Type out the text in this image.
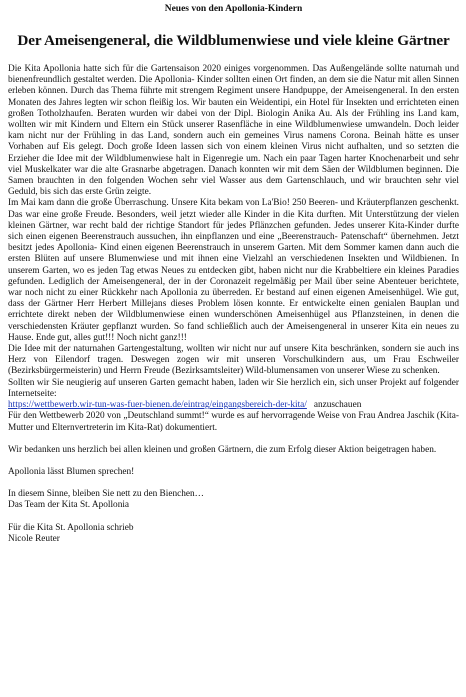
Neues von den Apollonia-Kindern
Der Ameisengeneral, die Wildblumenwiese und viele kleine Gärtner

Die Kita Apollonia hatte sich für die Gartensaison 2020 einiges vorgenommen. Das Außengelände sollte naturnah und bienenfreundlich gestaltet werden. Die Apollonia- Kinder sollten einen Ort finden, an dem sie die Natur mit allen Sinnen erleben können. Durch das Thema führte mit strengem Regiment unsere Handpuppe, der Ameisengeneral. In den ersten Monaten des Jahres legten wir schon fleißig los. Wir bauten ein Weidentipi, ein Hotel für Insekten und errichteten einen großen Totholzhaufen. Beraten wurden wir dabei von der Dipl. Biologin Anika Au. Als der Frühling ins Land kam, wollten wir mit Kindern und Eltern ein Stück unserer Rasenfläche in eine Wildblumenwiese umwandeln. Doch leider kam nicht nur der Frühling in das Land, sondern auch ein gemeines Virus namens Corona. Beinah hätte es unser Vorhaben auf Eis gelegt. Doch große Ideen lassen sich von einem kleinen Virus nicht aufhalten, und so setzten die Erzieher die Idee mit der Wildblumenwiese halt in Eigenregie um. Nach ein paar Tagen harter Knochenarbeit und sehr viel Muskelkater war die alte Grasnarbe abgetragen. Danach konnten wir mit dem Säen der Wildblumen beginnen. Die Samen brauchten in den folgenden Wochen sehr viel Wasser aus dem Gartenschlauch, und wir brauchten sehr viel Geduld, bis sich das erste Grün zeigte.

Im Mai kam dann die große Überraschung. Unsere Kita bekam von La'Bio! 250 Beeren- und Kräuterpflanzen geschenkt. Das war eine große Freude. Besonders, weil jetzt wieder alle Kinder in die Kita durften. Mit Unterstützung der vielen kleinen Gärtner, war recht bald der richtige Standort für jedes Pflänzchen gefunden. Jedes unserer Kita-Kinder durfte sich einen eigenen Beerenstrauch aussuchen, ihn einpflanzen und eine „Beerenstrauch- Patenschaft“ übernehmen. Jetzt besitzt jedes Apollonia- Kind einen eigenen Beerenstrauch in unserem Garten. Mit dem Sommer kamen dann auch die ersten Blüten auf unsere Blumenwiese und mit ihnen eine Vielzahl an verschiedenen Insekten und Wildbienen. In unserem Garten, wo es jeden Tag etwas Neues zu entdecken gibt, haben nicht nur die Krabbeltiere ein kleines Paradies gefunden. Lediglich der Ameisengeneral, der in der Coronazeit regelmäßig per Mail über seine Abenteuer berichtete, war noch nicht zu einer Rückkehr nach Apollonia zu überreden. Er bestand auf einen eigenen Ameisenhügel. Wie gut, dass der Gärtner Herr Herbert Millejans dieses Problem lösen konnte. Er entwickelte einen genialen Bauplan und errichtete direkt neben der Wildblumenwiese einen wunderschönen Ameisenhügel aus Pflanzsteinen, in denen die verschiedensten Kräuter gepflanzt wurden. So fand schließlich auch der Ameisengeneral in unserer Kita ein neues zu Hause. Ende gut, alles gut!!! Noch nicht ganz!!!

Die Idee mit der naturnahen Gartengestaltung, wollten wir nicht nur auf unsere Kita beschränken, sondern sie auch ins Herz von Eilendorf tragen. Deswegen zogen wir mit unseren Vorschulkindern aus, um Frau Eschweiler (Bezirksbürgermeisterin) und Herrn Freude (Bezirksamtsleiter) Wild-blumensamen von unserer Wiese zu schenken.

Sollten wir Sie neugierig auf unseren Garten gemacht haben, laden wir Sie herzlich ein, sich unser Projekt auf folgender Internetseite:

https://wettbewerb.wir-tun-was-fuer-bienen.de/eintrag/eingangsbereich-der-kita/   anzuschauen

Für den Wettbewerb 2020 von „Deutschland summt!“ wurde es auf hervorragende Weise von Frau Andrea Jaschik (Kita-Mutter und Elternvertreterin im Kita-Rat) dokumentiert.

Wir bedanken uns herzlich bei allen kleinen und großen Gärtnern, die zum Erfolg dieser Aktion beigetragen haben.

Apollonia lässt Blumen sprechen!

In diesem Sinne, bleiben Sie nett zu den Bienchen…

Das Team der Kita St. Apollonia

Für die Kita St. Apollonia schrieb

Nicole Reuter
